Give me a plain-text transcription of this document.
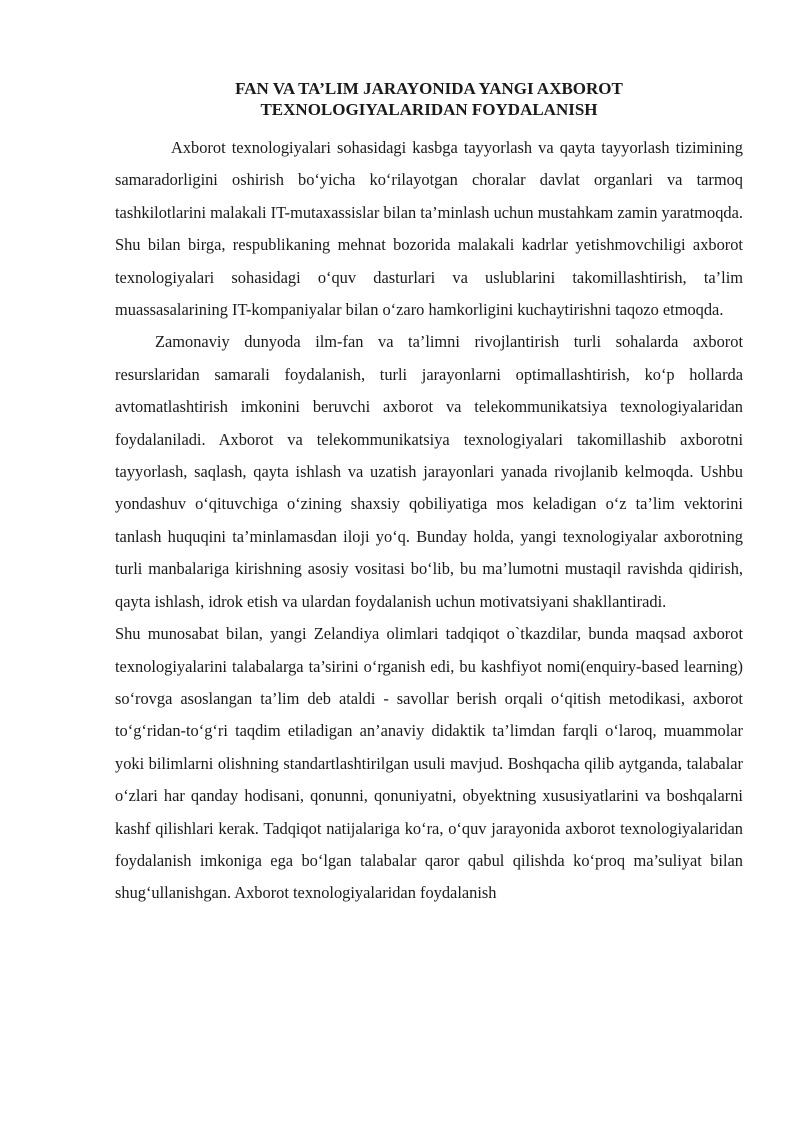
FAN VA TA’LIM JARAYONIDA YANGI AXBOROT
TEXNOLOGIYALARIDAN FOYDALANISH

Axborot texnologiyalari sohasidagi kasbga tayyorlash va qayta tayyorlash tizimining samaradorligini oshirish bo‘yicha ko‘rilayotgan choralar davlat organlari va tarmoq tashkilotlarini malakali IT-mutaxassislar bilan ta’minlash uchun mustahkam zamin yaratmoqda.

Shu bilan birga, respublikaning mehnat bozorida malakali kadrlar yetishmovchiligi axborot texnologiyalari sohasidagi o‘quv dasturlari va uslublarini takomillashtirish, ta’lim muassasalarining IT-kompaniyalar bilan o‘zaro hamkorligini kuchaytirishni taqozo etmoqda.

Zamonaviy dunyoda ilm-fan va ta’limni rivojlantirish turli sohalarda axborot resurslaridan samarali foydalanish, turli jarayonlarni optimallashtirish, ko‘p hollarda avtomatlashtirish imkonini beruvchi axborot va telekommunikatsiya texnologiyalaridan foydalaniladi. Axborot va telekommunikatsiya texnologiyalari takomillashib axborotni tayyorlash, saqlash, qayta ishlash va uzatish jarayonlari yanada rivojlanib kelmoqda. Ushbu yondashuv o‘qituvchiga o‘zining shaxsiy qobiliyatiga mos keladigan o‘z ta’lim vektorini tanlash huquqini ta’minlamasdan iloji yo‘q. Bunday holda, yangi texnologiyalar axborotning turli manbalariga kirishning asosiy vositasi bo‘lib, bu ma’lumotni mustaqil ravishda qidirish, qayta ishlash, idrok etish va ulardan foydalanish uchun motivatsiyani shakllantiradi.

Shu munosabat bilan, yangi Zelandiya olimlari tadqiqot o`tkazdilar, bunda maqsad axborot texnologiyalarini talabalarga ta’sirini o‘rganish edi, bu kashfiyot nomi(enquiry-based learning) so‘rovga asoslangan ta’lim deb ataldi - savollar berish orqali o‘qitish metodikasi, axborot to‘g‘ridan-to‘g‘ri taqdim etiladigan an’anaviy didaktik ta’limdan farqli o‘laroq, muammolar yoki bilimlarni olishning standartlashtirilgan usuli mavjud. Boshqacha qilib aytganda, talabalar o‘zlari har qanday hodisani, qonunni, qonuniyatni, obyektning xususiyatlarini va boshqalarni kashf qilishlari kerak. Tadqiqot natijalariga ko‘ra, o‘quv jarayonida axborot texnologiyalaridan foydalanish imkoniga ega bo‘lgan talabalar qaror qabul qilishda ko‘proq ma’suliyat bilan shug‘ullanishgan. Axborot texnologiyalaridan foydalanish
